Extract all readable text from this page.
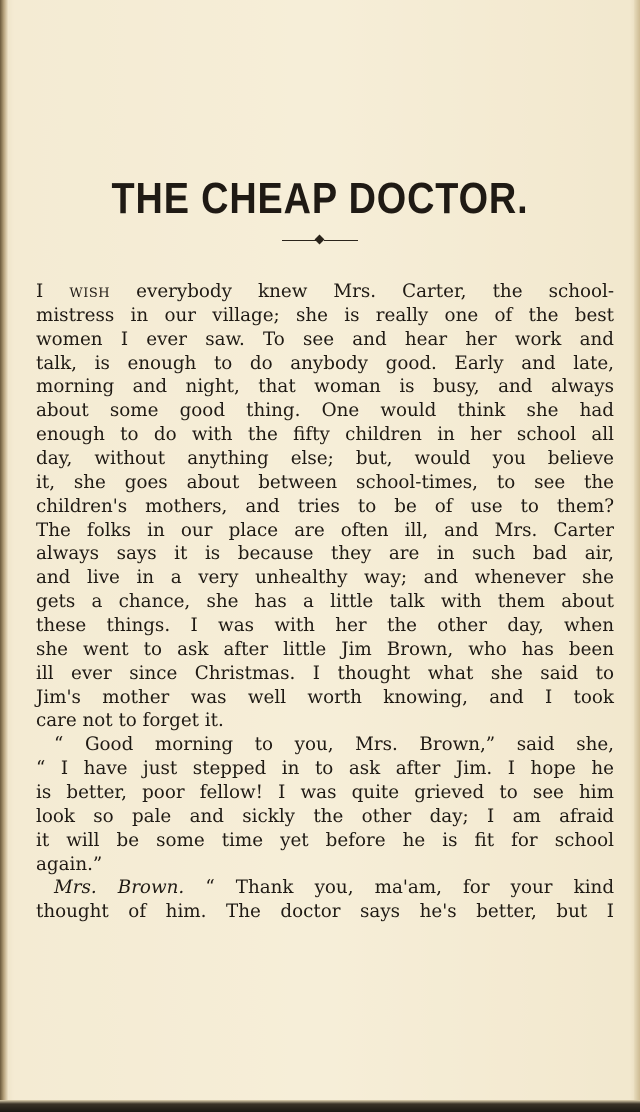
THE CHEAP DOCTOR.
I wish everybody knew Mrs. Carter, the school-
mistress in our village; she is really one of the best
women I ever saw. To see and hear her work and
talk, is enough to do anybody good. Early and late,
morning and night, that woman is busy, and always
about some good thing. One would think she had
enough to do with the fifty children in her school all
day, without anything else; but, would you believe
it, she goes about between school-times, to see the
children's mothers, and tries to be of use to them?
The folks in our place are often ill, and Mrs. Carter
always says it is because they are in such bad air,
and live in a very unhealthy way; and whenever she
gets a chance, she has a little talk with them about
these things. I was with her the other day, when
she went to ask after little Jim Brown, who has been
ill ever since Christmas. I thought what she said to
Jim's mother was well worth knowing, and I took
care not to forget it.
“ Good morning to you, Mrs. Brown,” said she,
“ I have just stepped in to ask after Jim. I hope he
is better, poor fellow! I was quite grieved to see him
look so pale and sickly the other day; I am afraid
it will be some time yet before he is fit for school
again.”
Mrs. Brown. “ Thank you, ma'am, for your kind
thought of him. The doctor says he's better, but I
